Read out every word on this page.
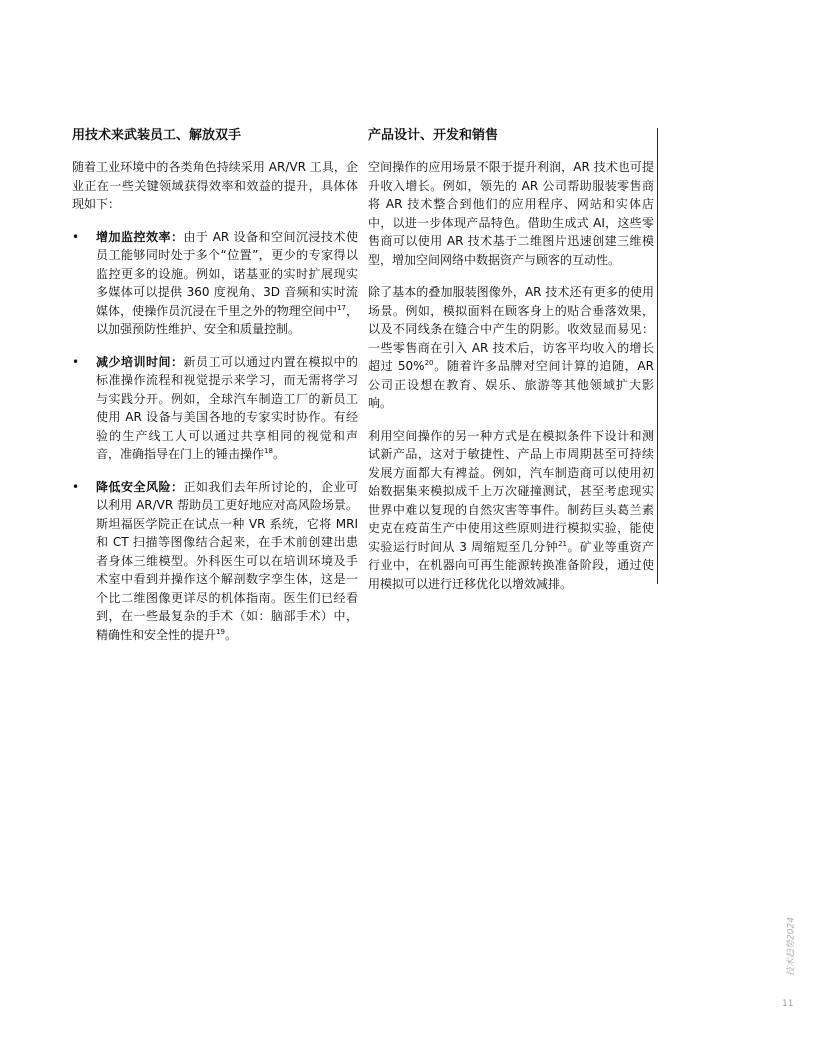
用技术来武装员工、解放双手

随着工业环境中的各类角色持续采用 AR/VR 工具，企业正在一些关键领域获得效率和效益的提升，具体体现如下：

• 增加监控效率：由于 AR 设备和空间沉浸技术使员工能够同时处于多个“位置”，更少的专家得以监控更多的设施。例如，诺基亚的实时扩展现实多媒体可以提供 360 度视角、3D 音频和实时流媒体，使操作员沉浸在千里之外的物理空间中$^{17}$，以加强预防性维护、安全和质量控制。
• 减少培训时间：新员工可以通过内置在模拟中的标准操作流程和视觉提示来学习，而无需将学习与实践分开。例如，全球汽车制造工厂的新员工使用 AR 设备与美国各地的专家实时协作。有经验的生产线工人可以通过共享相同的视觉和声音，准确指导在门上的锤击操作$^{18}$。
• 降低安全风险：正如我们去年所讨论的，企业可以利用 AR/VR 帮助员工更好地应对高风险场景。斯坦福医学院正在试点一种 VR 系统，它将 MRI 和 CT 扫描等图像结合起来，在手术前创建出患者身体三维模型。外科医生可以在培训环境及手术室中看到并操作这个解剖数字孪生体，这是一个比二维图像更详尽的机体指南。医生们已经看到，在一些最复杂的手术（如：脑部手术）中，精确性和安全性的提升$^{19}$。
产品设计、开发和销售

空间操作的应用场景不限于提升利润，AR 技术也可提升收入增长。例如，领先的 AR 公司帮助服装零售商将 AR 技术整合到他们的应用程序、网站和实体店中，以进一步体现产品特色。借助生成式 AI，这些零售商可以使用 AR 技术基于二维图片迅速创建三维模型，增加空间网络中数据资产与顾客的互动性。

除了基本的叠加服装图像外，AR 技术还有更多的使用场景。例如，模拟面料在顾客身上的贴合垂落效果，以及不同线条在缝合中产生的阴影。收效显而易见：一些零售商在引入 AR 技术后，访客平均收入的增长超过 50%$^{20}$。随着许多品牌对空间计算的追随，AR 公司正设想在教育、娱乐、旅游等其他领域扩大影响。

利用空间操作的另一种方式是在模拟条件下设计和测试新产品，这对于敏捷性、产品上市周期甚至可持续发展方面都大有裨益。例如，汽车制造商可以使用初始数据集来模拟成千上万次碰撞测试，甚至考虑现实世界中难以复现的自然灾害等事件。制药巨头葛兰素史克在疫苗生产中使用这些原则进行模拟实验，能使实验运行时间从 3 周缩短至几分钟$^{21}$。矿业等重资产行业中，在机器向可再生能源转换准备阶段，通过使用模拟可以进行迁移优化以增效减排。

技术趋势2024
11
